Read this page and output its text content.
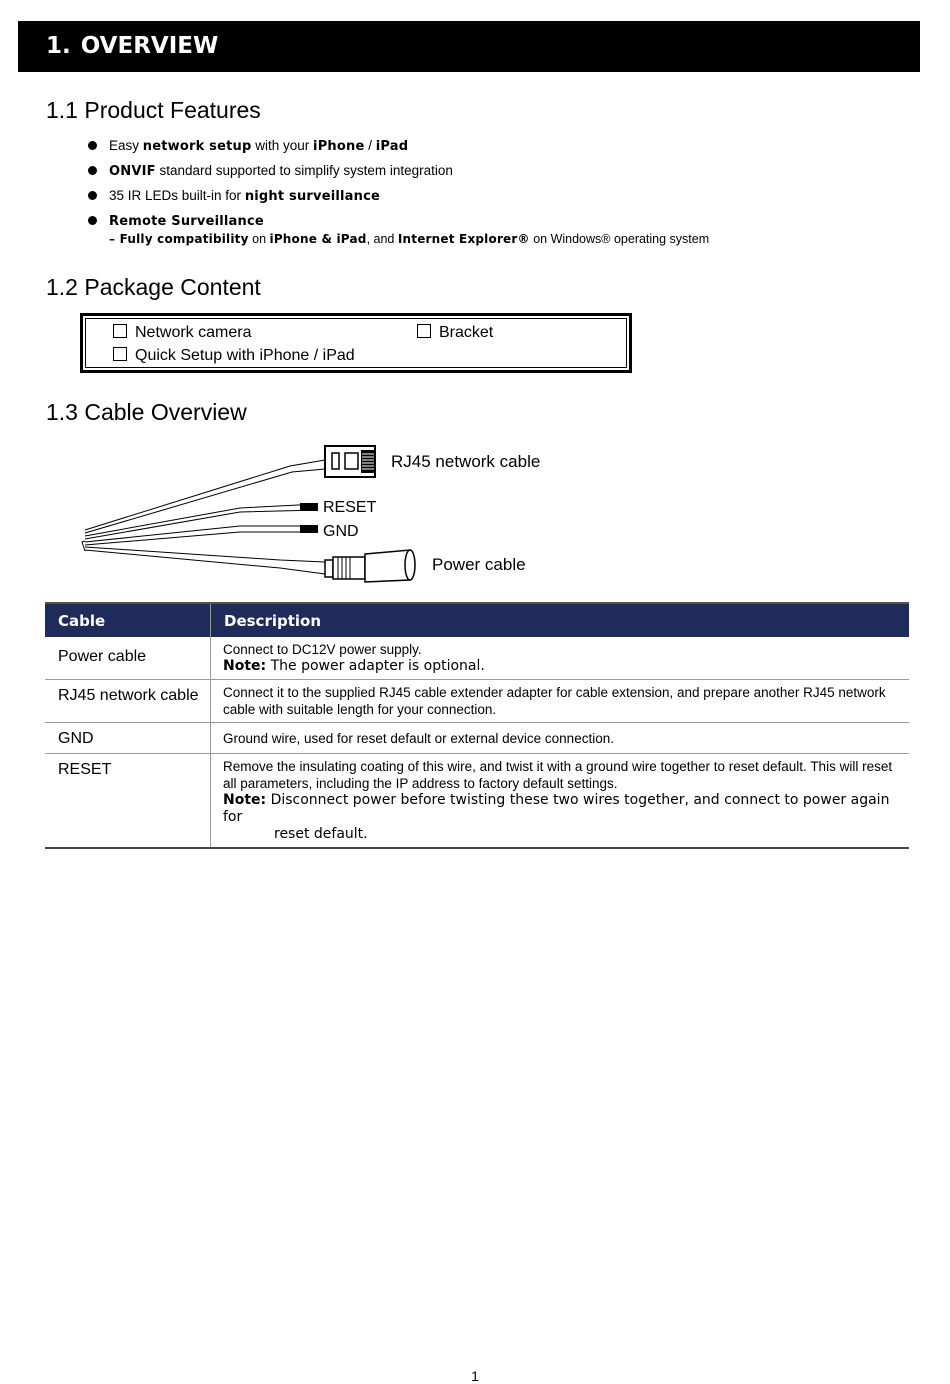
1. OVERVIEW
1.1 Product Features
Easy network setup with your iPhone / iPad
ONVIF standard supported to simplify system integration
35 IR LEDs built-in for night surveillance
Remote Surveillance
– Fully compatibility on iPhone & iPad, and Internet Explorer® on Windows® operating system
1.2 Package Content
Network camera	Bracket
Quick Setup with iPhone / iPad
1.3 Cable Overview
RJ45 network cable
RESET
GND
Power cable
Cable	Description
Power cable	Connect to DC12V power supply.
Note: The power adapter is optional.

RJ45 network cable	Connect it to the supplied RJ45 cable extender adapter for cable extension, and prepare another RJ45 network cable with suitable length for your connection.

GND	Ground wire, used for reset default or external device connection.

RESET	Remove the insulating coating of this wire, and twist it with a ground wire together to reset default. This will reset all parameters, including the IP address to factory default settings.
Note: Disconnect power before twisting these two wires together, and connect to power again for
reset default.
1
